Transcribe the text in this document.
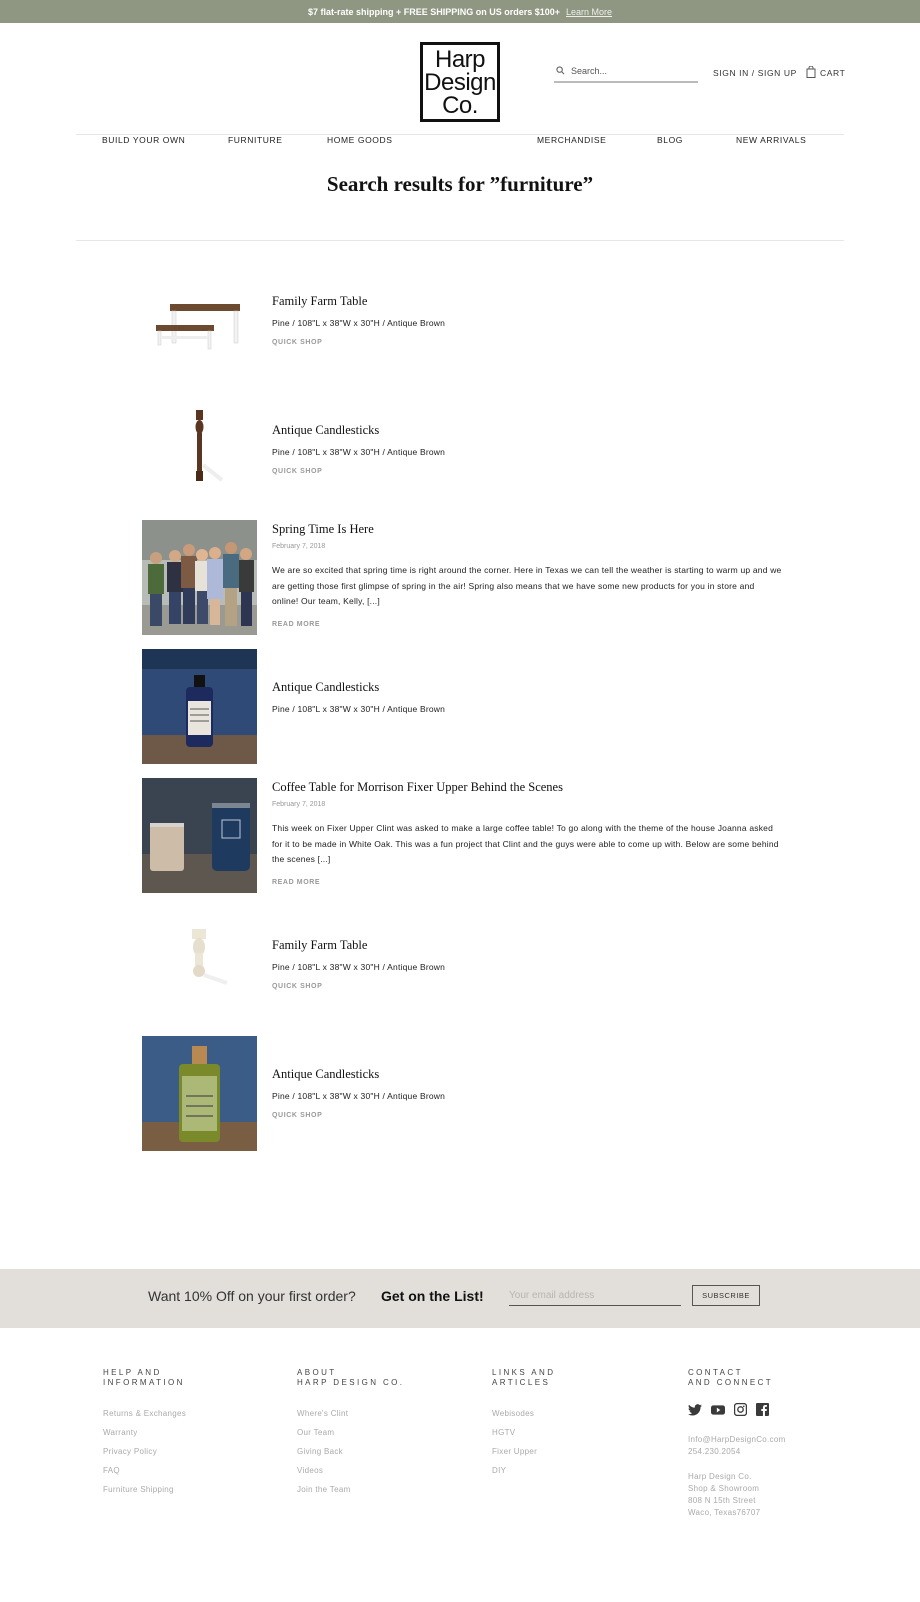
$7 flat-rate shipping + FREE SHIPPING on US orders $100+ Learn More
Harp
Design
Co.
Search...
SIGN IN / SIGN UP	CART
BUILD YOUR OWN	FURNITURE	HOME GOODS	MERCHANDISE	BLOG	NEW ARRIVALS
Search results for ”furniture”
Family Farm Table
Pine / 108"L x 38"W x 30"H / Antique Brown
QUICK SHOP
Antique Candlesticks
Pine / 108"L x 38"W x 30"H / Antique Brown
QUICK SHOP
Spring Time Is Here
February 7, 2018
We are so excited that spring time is right around the corner. Here in Texas we can tell the weather is starting to warm up and we are getting those first glimpse of spring in the air! Spring also means that we have some new products for you in store and online! Our team, Kelly, [...]
READ MORE
Antique Candlesticks
Pine / 108"L x 38"W x 30"H / Antique Brown
Coffee Table for Morrison Fixer Upper Behind the Scenes
February 7, 2018
This week on Fixer Upper Clint was asked to make a large coffee table! To go along with the theme of the house Joanna asked for it to be made in White Oak. This was a fun project that Clint and the guys were able to come up with. Below are some behind the scenes [...]
READ MORE
Family Farm Table
Pine / 108"L x 38"W x 30"H / Antique Brown
QUICK SHOP
Antique Candlesticks
Pine / 108"L x 38"W x 30"H / Antique Brown
QUICK SHOP
Want 10% Off on your first order? Get on the List!
Your email address	SUBSCRIBE
HELP AND
INFORMATION
Returns & Exchanges
Warranty
Privacy Policy
FAQ
Furniture Shipping
ABOUT
HARP DESIGN CO.
Where's Clint
Our Team
Giving Back
Videos
Join the Team
LINKS AND
ARTICLES
Webisodes
HGTV
Fixer Upper
DIY
CONTACT
AND CONNECT
Info@HarpDesignCo.com
254.230.2054
Harp Design Co.
Shop & Showroom
808 N 15th Street
Waco, Texas76707
